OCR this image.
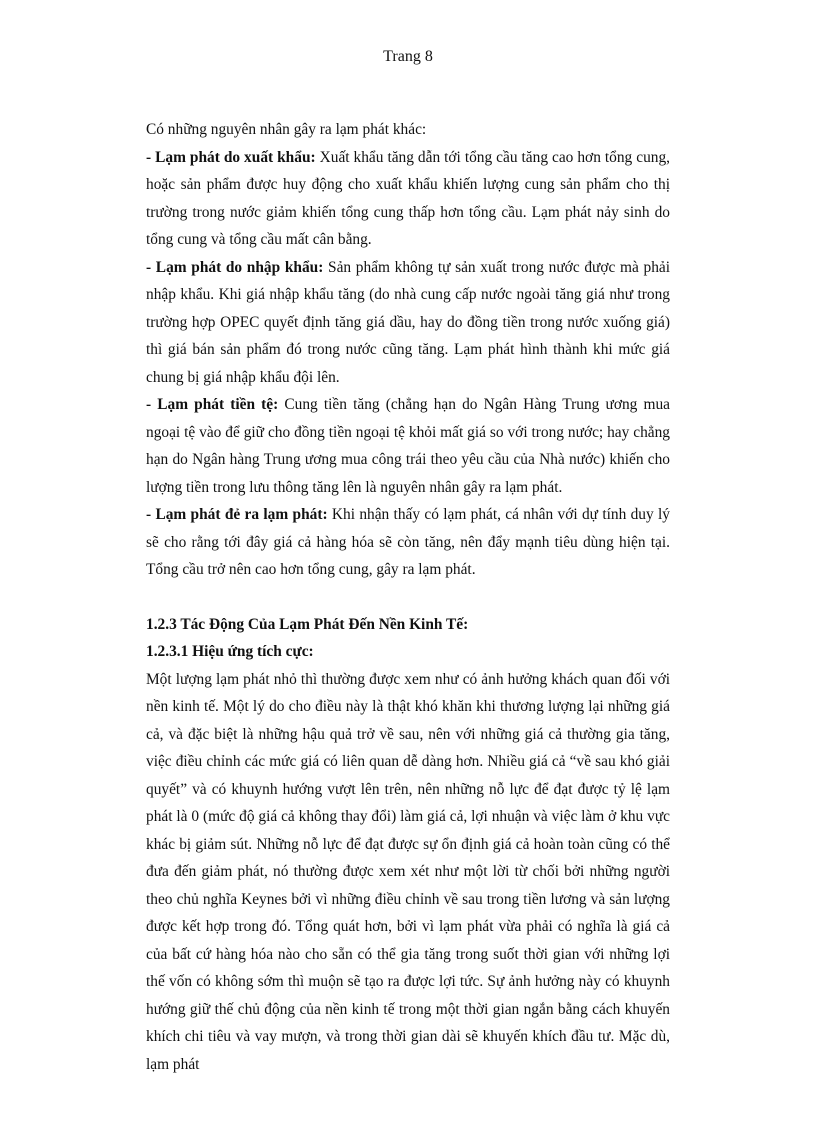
Trang 8

Có những nguyên nhân gây ra lạm phát khác:

- Lạm phát do xuất khẩu: Xuất khẩu tăng dẫn tới tổng cầu tăng cao hơn tổng cung, hoặc sản phẩm được huy động cho xuất khẩu khiến lượng cung sản phẩm cho thị trường trong nước giảm khiến tổng cung thấp hơn tổng cầu. Lạm phát nảy sinh do tổng cung và tổng cầu mất cân bằng.

- Lạm phát do nhập khẩu: Sản phẩm không tự sản xuất trong nước được mà phải nhập khẩu. Khi giá nhập khẩu tăng (do nhà cung cấp nước ngoài tăng giá như trong trường hợp OPEC quyết định tăng giá dầu, hay do đồng tiền trong nước xuống giá) thì giá bán sản phẩm đó trong nước cũng tăng. Lạm phát hình thành khi mức giá chung bị giá nhập khẩu đội lên.

- Lạm phát tiền tệ: Cung tiền tăng (chẳng hạn do Ngân Hàng Trung ương mua ngoại tệ vào để giữ cho đồng tiền ngoại tệ khỏi mất giá so với trong nước; hay chẳng hạn do Ngân hàng Trung ương mua công trái theo yêu cầu của Nhà nước) khiến cho lượng tiền trong lưu thông tăng lên là nguyên nhân gây ra lạm phát.

- Lạm phát đẻ ra lạm phát: Khi nhận thấy có lạm phát, cá nhân với dự tính duy lý sẽ cho rằng tới đây giá cả hàng hóa sẽ còn tăng, nên đẩy mạnh tiêu dùng hiện tại. Tổng cầu trở nên cao hơn tổng cung, gây ra lạm phát.

1.2.3 Tác Động Của Lạm Phát Đến Nền Kinh Tế:

1.2.3.1 Hiệu ứng tích cực:

Một lượng lạm phát nhỏ thì thường được xem như có ảnh hưởng khách quan đối với nền kinh tế. Một lý do cho điều này là thật khó khăn khi thương lượng lại những giá cả, và đặc biệt là những hậu quả trở về sau, nên với những giá cả thường gia tăng, việc điều chỉnh các mức giá có liên quan dễ dàng hơn. Nhiều giá cả “về sau khó giải quyết” và có khuynh hướng vượt lên trên, nên những nỗ lực để đạt được tỷ lệ lạm phát là 0 (mức độ giá cả không thay đổi) làm giá cả, lợi nhuận và việc làm ở khu vực khác bị giảm sút. Những nỗ lực để đạt được sự ổn định giá cả hoàn toàn cũng có thể đưa đến giảm phát, nó thường được xem xét như một lời từ chối bởi những người theo chủ nghĩa Keynes bởi vì những điều chỉnh về sau trong tiền lương và sản lượng được kết hợp trong đó. Tổng quát hơn, bởi vì lạm phát vừa phải có nghĩa là giá cả của bất cứ hàng hóa nào cho sẵn có thể gia tăng trong suốt thời gian với những lợi thế vốn có không sớm thì muộn sẽ tạo ra được lợi tức. Sự ảnh hưởng này có khuynh hướng giữ thế chủ động của nền kinh tế trong một thời gian ngắn bằng cách khuyến khích chi tiêu và vay mượn, và trong thời gian dài sẽ khuyến khích đầu tư. Mặc dù, lạm phát
